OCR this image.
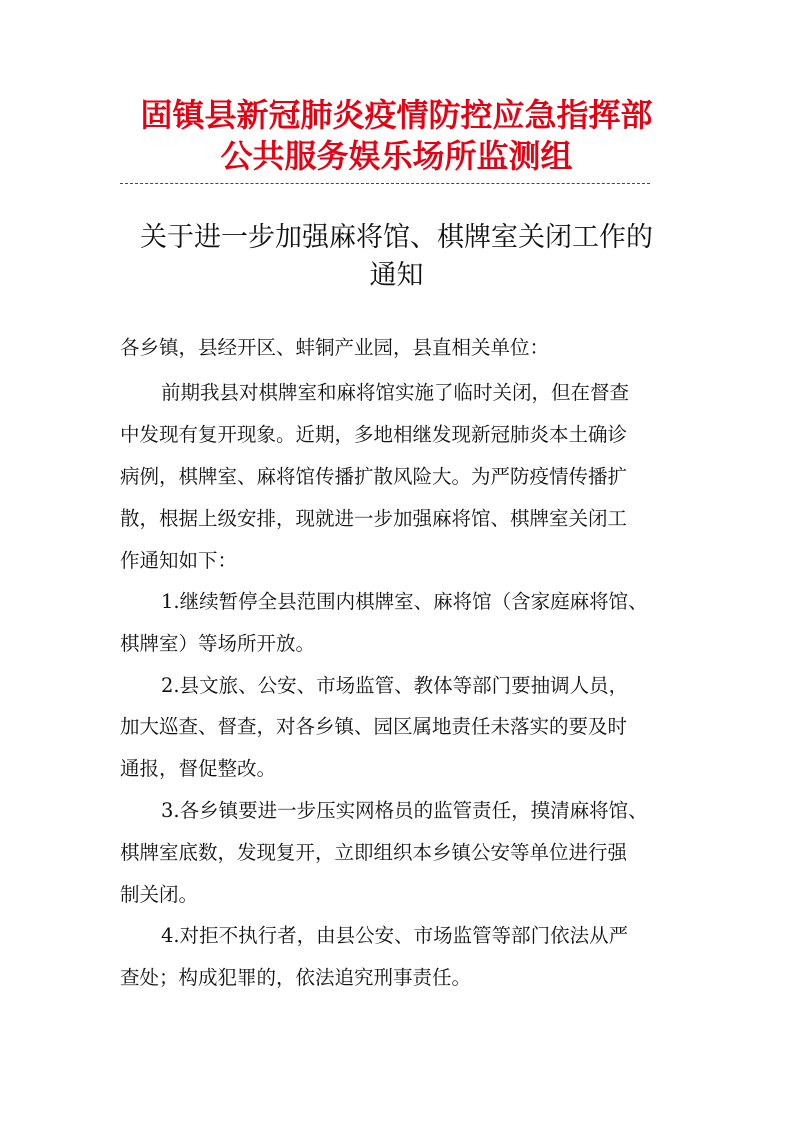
固镇县新冠肺炎疫情防控应急指挥部
公共服务娱乐场所监测组
关于进一步加强麻将馆、棋牌室关闭工作的
通知
各乡镇，县经开区、蚌铜产业园，县直相关单位：
前期我县对棋牌室和麻将馆实施了临时关闭，但在督查
中发现有复开现象。近期，多地相继发现新冠肺炎本土确诊
病例，棋牌室、麻将馆传播扩散风险大。为严防疫情传播扩
散，根据上级安排，现就进一步加强麻将馆、棋牌室关闭工
作通知如下：
1.继续暂停全县范围内棋牌室、麻将馆（含家庭麻将馆、
棋牌室）等场所开放。
2.县文旅、公安、市场监管、教体等部门要抽调人员，
加大巡查、督查，对各乡镇、园区属地责任未落实的要及时
通报，督促整改。
3.各乡镇要进一步压实网格员的监管责任，摸清麻将馆、
棋牌室底数，发现复开，立即组织本乡镇公安等单位进行强
制关闭。
4.对拒不执行者，由县公安、市场监管等部门依法从严
查处；构成犯罪的，依法追究刑事责任。
